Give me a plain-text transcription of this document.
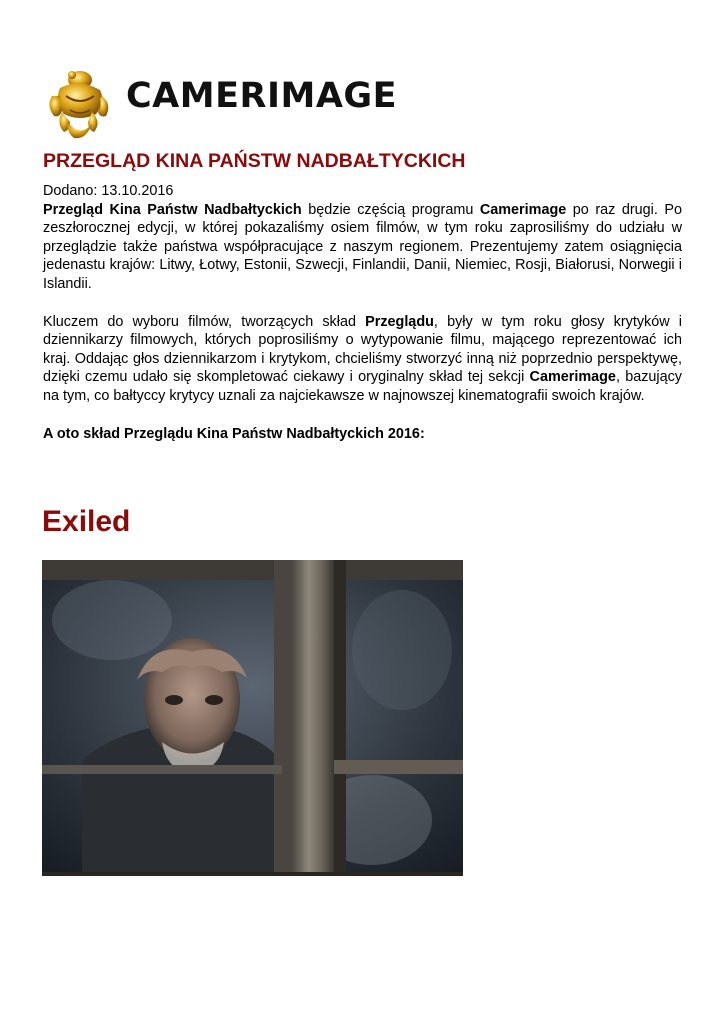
CAMERIMAGE
PRZEGLĄD KINA PAŃSTW NADBAŁTYCKICH

Dodano: 13.10.2016

Przegląd Kina Państw Nadbałtyckich będzie częścią programu Camerimage po raz drugi. Po zeszłorocznej edycji, w której pokazaliśmy osiem filmów, w tym roku zaprosiliśmy do udziału w przeglądzie także państwa współpracujące z naszym regionem. Prezentujemy zatem osiągnięcia jedenastu krajów: Litwy, Łotwy, Estonii, Szwecji, Finlandii, Danii, Niemiec, Rosji, Białorusi, Norwegii i Islandii.

Kluczem do wyboru filmów, tworzących skład Przeglądu, były w tym roku głosy krytyków i dziennikarzy filmowych, których poprosiliśmy o wytypowanie filmu, mającego reprezentować ich kraj. Oddając głos dziennikarzom i krytykom, chcieliśmy stworzyć inną niż poprzednio perspektywę, dzięki czemu udało się skompletować ciekawy i oryginalny skład tej sekcji Camerimage, bazujący na tym, co bałtyccy krytycy uznali za najciekawsze w najnowszej kinematografii swoich krajów.

A oto skład Przeglądu Kina Państw Nadbałtyckich 2016:

Exiled
